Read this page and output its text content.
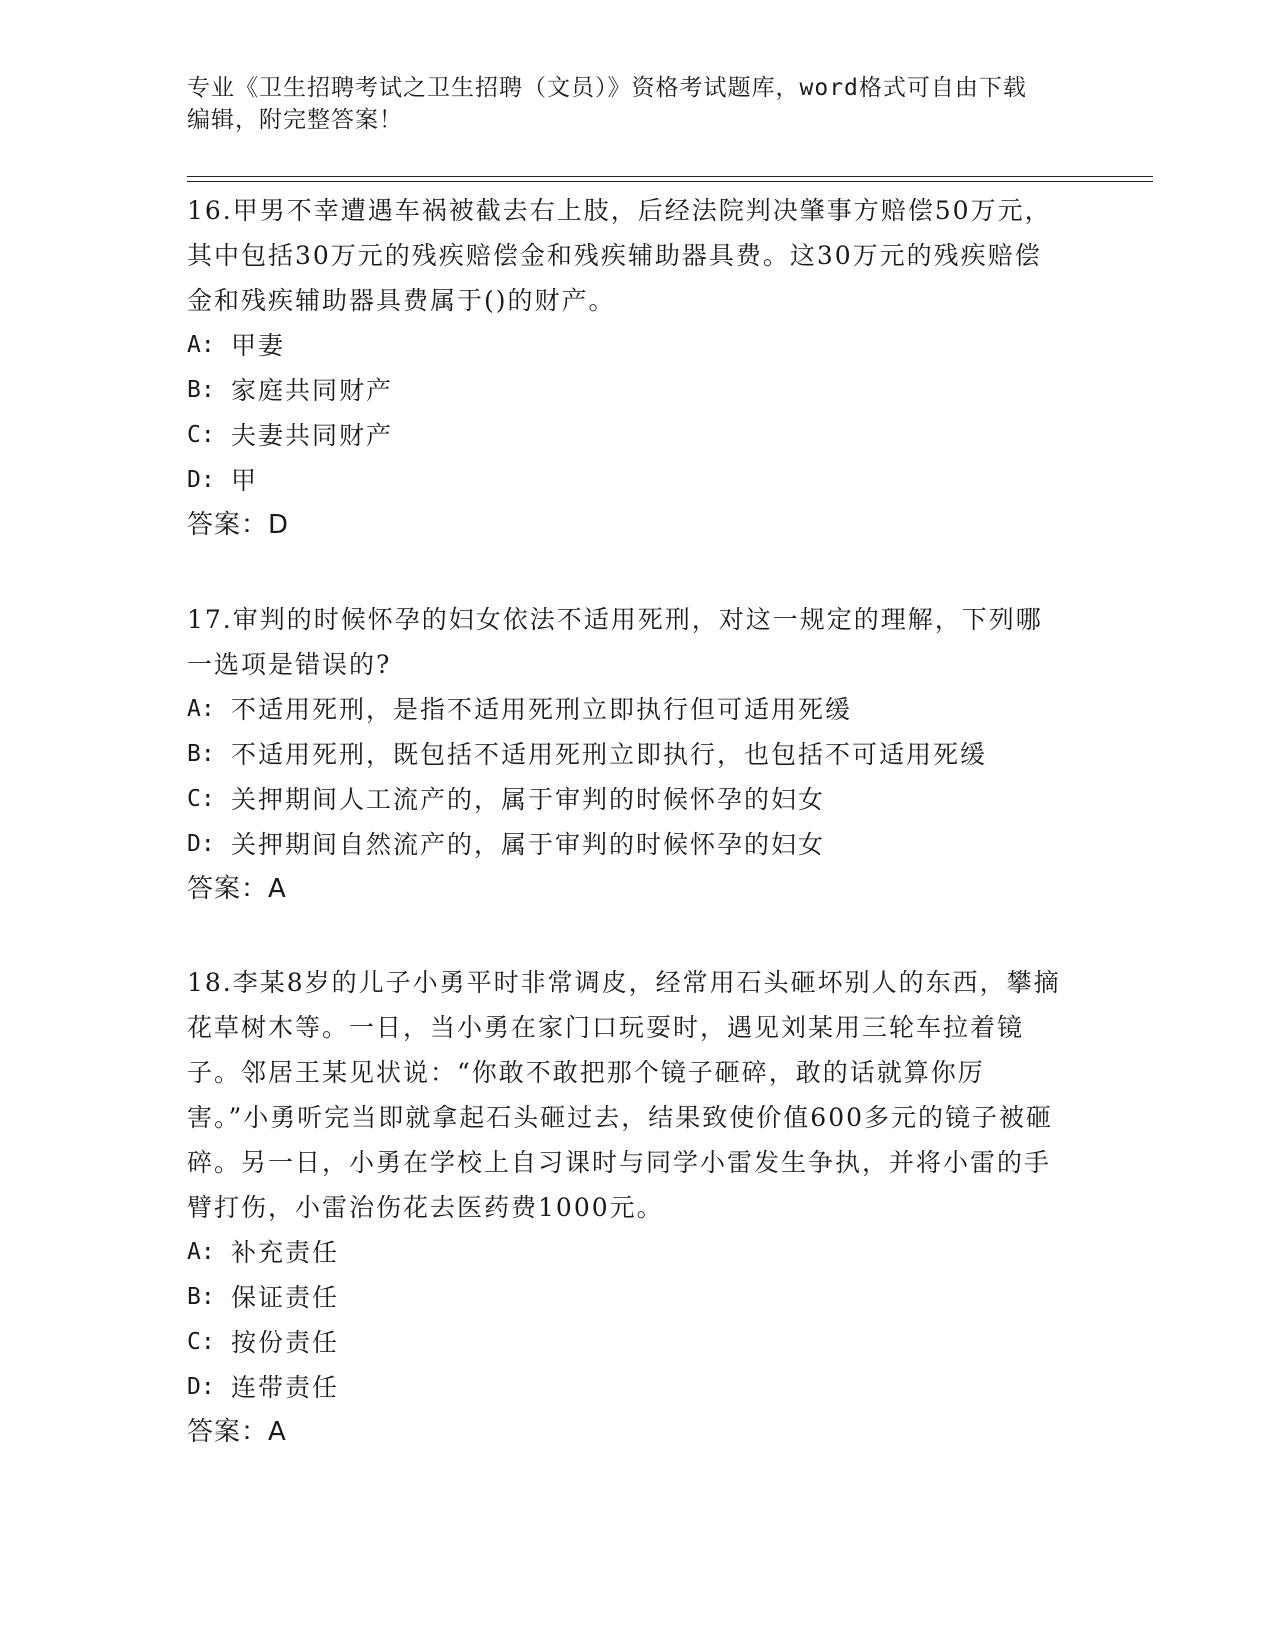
专业《卫生招聘考试之卫生招聘（文员）》资格考试题库，word格式可自由下载
编辑，附完整答案！

16.甲男不幸遭遇车祸被截去右上肢，后经法院判决肇事方赔偿50万元，其中包括30万元的残疾赔偿金和残疾辅助器具费。这30万元的残疾赔偿金和残疾辅助器具费属于()的财产。

A: 甲妻
B: 家庭共同财产
C: 夫妻共同财产
D: 甲
答案：D

17.审判的时候怀孕的妇女依法不适用死刑，对这一规定的理解，下列哪一选项是错误的?

A: 不适用死刑，是指不适用死刑立即执行但可适用死缓
B: 不适用死刑，既包括不适用死刑立即执行，也包括不可适用死缓
C: 关押期间人工流产的，属于审判的时候怀孕的妇女
D: 关押期间自然流产的，属于审判的时候怀孕的妇女
答案：A

18.李某8岁的儿子小勇平时非常调皮，经常用石头砸坏别人的东西，攀摘花草树木等。一日，当小勇在家门口玩耍时，遇见刘某用三轮车拉着镜子。邻居王某见状说：“你敢不敢把那个镜子砸碎，敢的话就算你厉害。”小勇听完当即就拿起石头砸过去，结果致使价值600多元的镜子被砸碎。另一日，小勇在学校上自习课时与同学小雷发生争执，并将小雷的手臂打伤，小雷治伤花去医药费1000元。

A: 补充责任
B: 保证责任
C: 按份责任
D: 连带责任
答案：A
